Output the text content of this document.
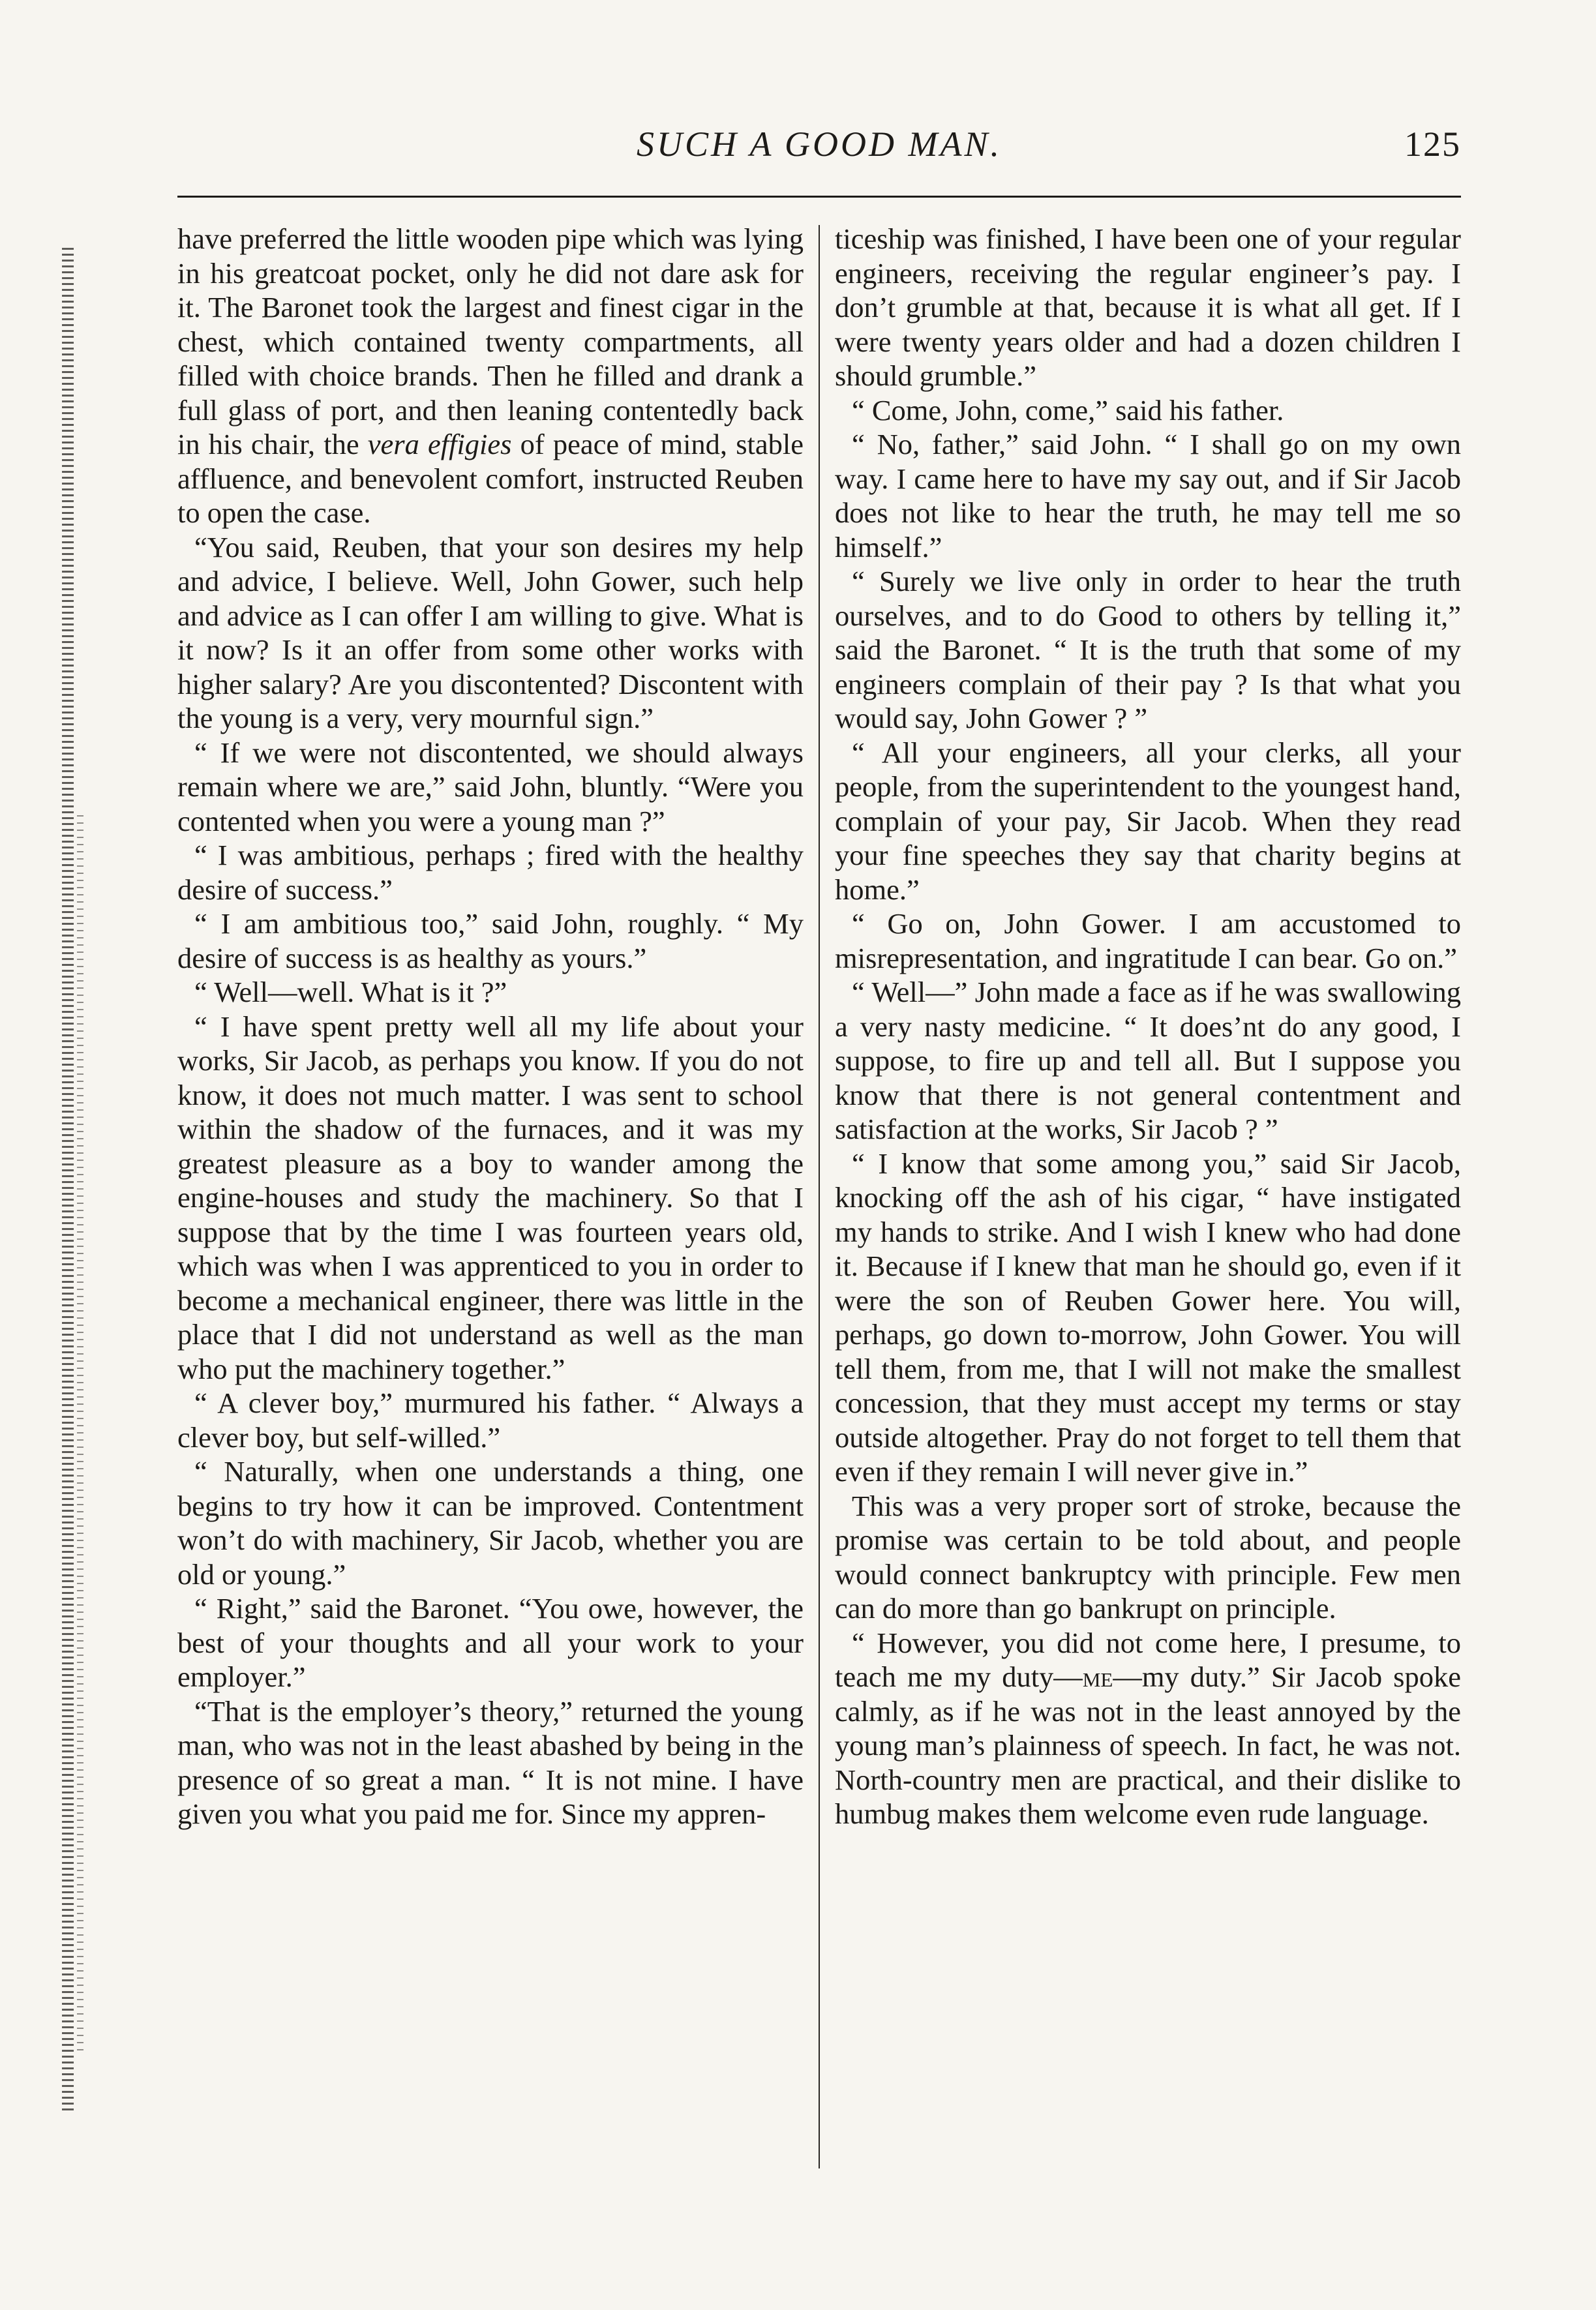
SUCH A GOOD MAN.	125

have preferred the little wooden pipe which was lying in his greatcoat pocket, only he did not dare ask for it. The Baronet took the largest and finest cigar in the chest, which contained twenty compartments, all filled with choice brands. Then he filled and drank a full glass of port, and then leaning contentedly back in his chair, the vera effigies of peace of mind, stable affluence, and benevolent comfort, instructed Reuben to open the case.

“You said, Reuben, that your son desires my help and advice, I believe. Well, John Gower, such help and advice as I can offer I am willing to give. What is it now? Is it an offer from some other works with higher salary? Are you discontented? Discontent with the young is a very, very mournful sign.”

“ If we were not discontented, we should always remain where we are,” said John, bluntly. “Were you contented when you were a young man ?”

“ I was ambitious, perhaps ; fired with the healthy desire of success.”

“ I am ambitious too,” said John, roughly. “ My desire of success is as healthy as yours.”

“ Well—well. What is it ?”

“ I have spent pretty well all my life about your works, Sir Jacob, as perhaps you know. If you do not know, it does not much matter. I was sent to school within the shadow of the furnaces, and it was my greatest pleasure as a boy to wander among the engine-houses and study the machinery. So that I suppose that by the time I was fourteen years old, which was when I was apprenticed to you in order to become a mechanical engineer, there was little in the place that I did not understand as well as the man who put the machinery together.”

“ A clever boy,” murmured his father. “ Always a clever boy, but self-willed.”

“ Naturally, when one understands a thing, one begins to try how it can be improved. Contentment won’t do with machinery, Sir Jacob, whether you are old or young.”

“ Right,” said the Baronet. “You owe, however, the best of your thoughts and all your work to your employer.”

“That is the employer’s theory,” returned the young man, who was not in the least abashed by being in the presence of so great a man. “ It is not mine. I have given you what you paid me for. Since my appren-

ticeship was finished, I have been one of your regular engineers, receiving the regular engineer’s pay. I don’t grumble at that, because it is what all get. If I were twenty years older and had a dozen children I should grumble.”

“ Come, John, come,” said his father.

“ No, father,” said John. “ I shall go on my own way. I came here to have my say out, and if Sir Jacob does not like to hear the truth, he may tell me so himself.”

“ Surely we live only in order to hear the truth ourselves, and to do Good to others by telling it,” said the Baronet. “ It is the truth that some of my engineers complain of their pay ? Is that what you would say, John Gower ? ”

“ All your engineers, all your clerks, all your people, from the superintendent to the youngest hand, complain of your pay, Sir Jacob. When they read your fine speeches they say that charity begins at home.”

“ Go on, John Gower. I am accustomed to misrepresentation, and ingratitude I can bear. Go on.”

“ Well—” John made a face as if he was swallowing a very nasty medicine. “ It does’nt do any good, I suppose, to fire up and tell all. But I suppose you know that there is not general contentment and satisfaction at the works, Sir Jacob ? ”

“ I know that some among you,” said Sir Jacob, knocking off the ash of his cigar, “ have instigated my hands to strike. And I wish I knew who had done it. Because if I knew that man he should go, even if it were the son of Reuben Gower here. You will, perhaps, go down to-morrow, John Gower. You will tell them, from me, that I will not make the smallest concession, that they must accept my terms or stay outside altogether. Pray do not forget to tell them that even if they remain I will never give in.”

This was a very proper sort of stroke, because the promise was certain to be told about, and people would connect bankruptcy with principle. Few men can do more than go bankrupt on principle.

“ However, you did not come here, I presume, to teach me my duty—me—my duty.” Sir Jacob spoke calmly, as if he was not in the least annoyed by the young man’s plainness of speech. In fact, he was not. North-country men are practical, and their dislike to humbug makes them welcome even rude language.
